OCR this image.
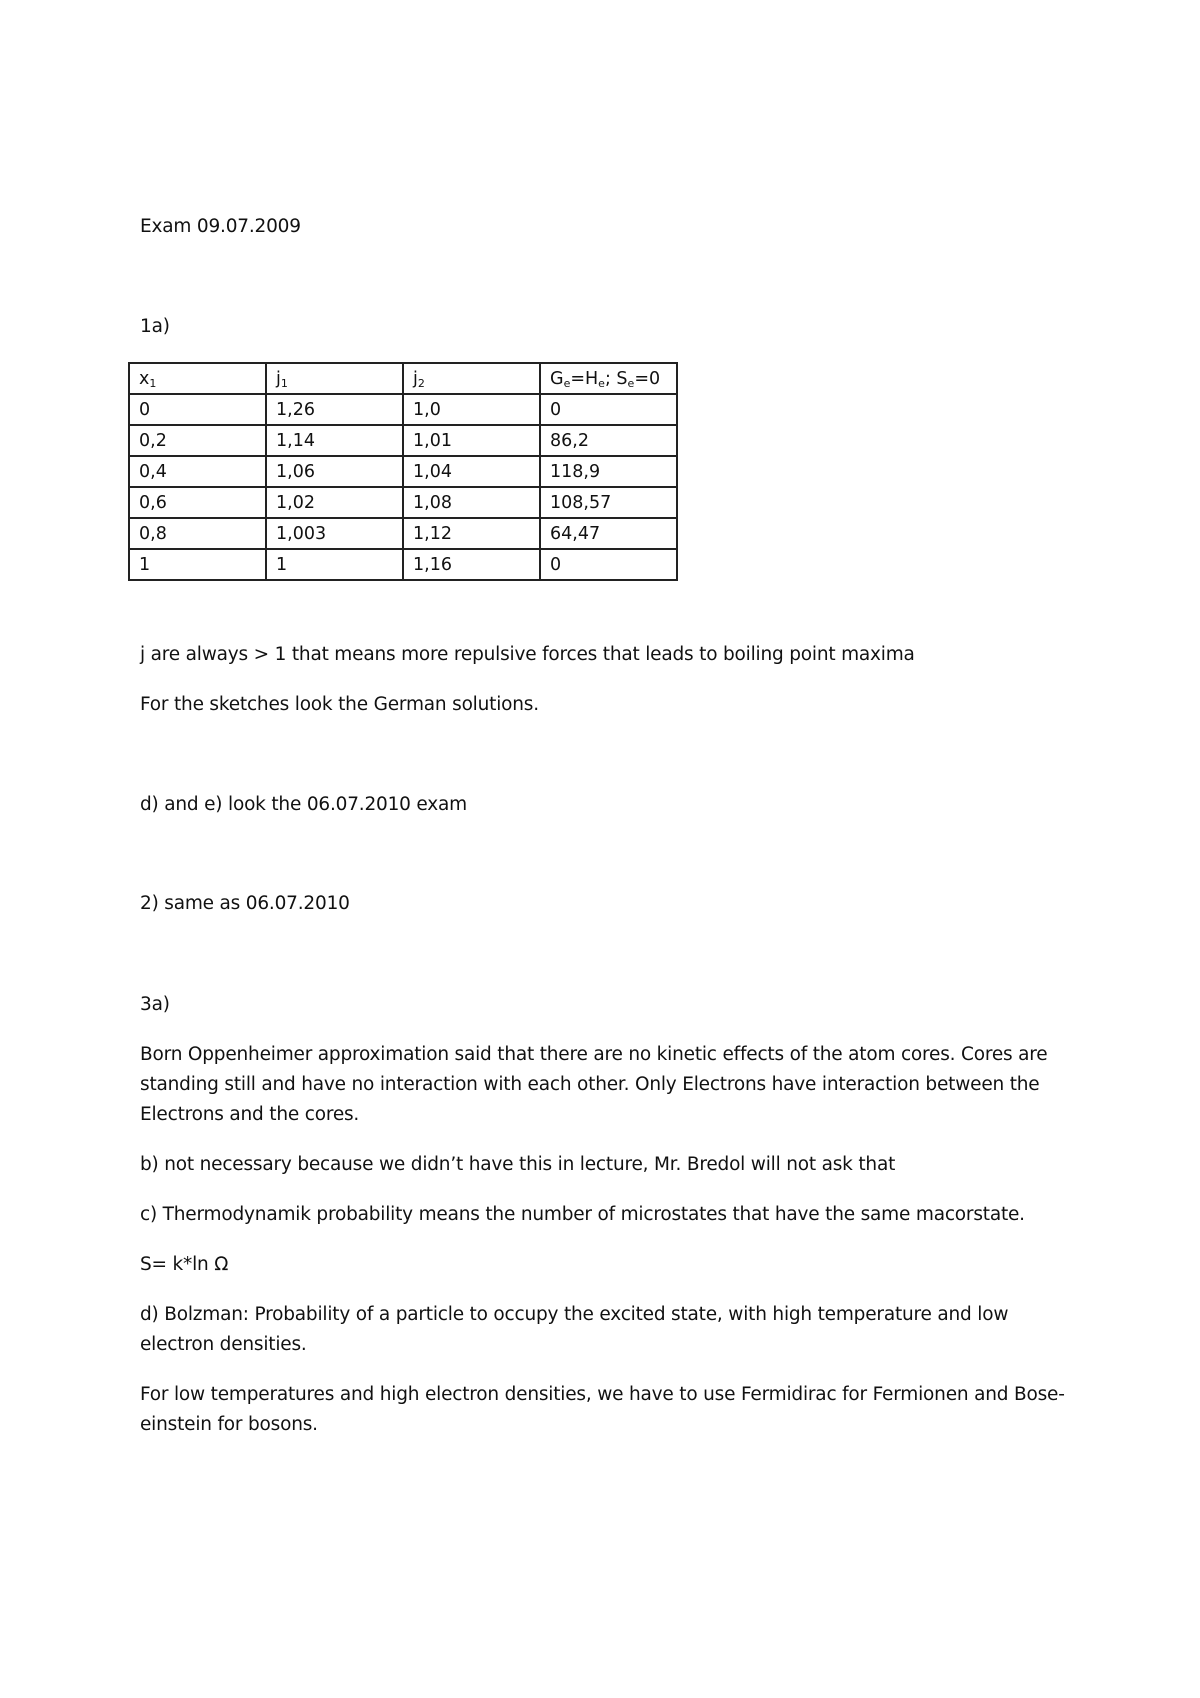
Exam 09.07.2009
1a)
$x_1$	$j_1$	$j_2$	$G_e=H_e$; $S_e=0$
0	1,26	1,0	0
0,2	1,14	1,01	86,2
0,4	1,06	1,04	118,9
0,6	1,02	1,08	108,57
0,8	1,003	1,12	64,47
1	1	1,16	0
j are always > 1 that means more repulsive forces that leads to boiling point maxima
For the sketches look the German solutions.
d) and e) look the 06.07.2010 exam
2) same as 06.07.2010
3a)
Born Oppenheimer approximation said that there are no kinetic effects of the atom cores. Cores are standing still and have no interaction with each other. Only Electrons have interaction between the Electrons and the cores.
b) not necessary because we didn’t have this in lecture, Mr. Bredol will not ask that
c) Thermodynamik probability means the number of microstates that have the same macorstate.
S= k*ln Ω
d) Bolzman: Probability of a particle to occupy the excited state, with high temperature and low electron densities.
For low temperatures and high electron densities, we have to use Fermidirac for Fermionen and Bose-einstein for bosons.
